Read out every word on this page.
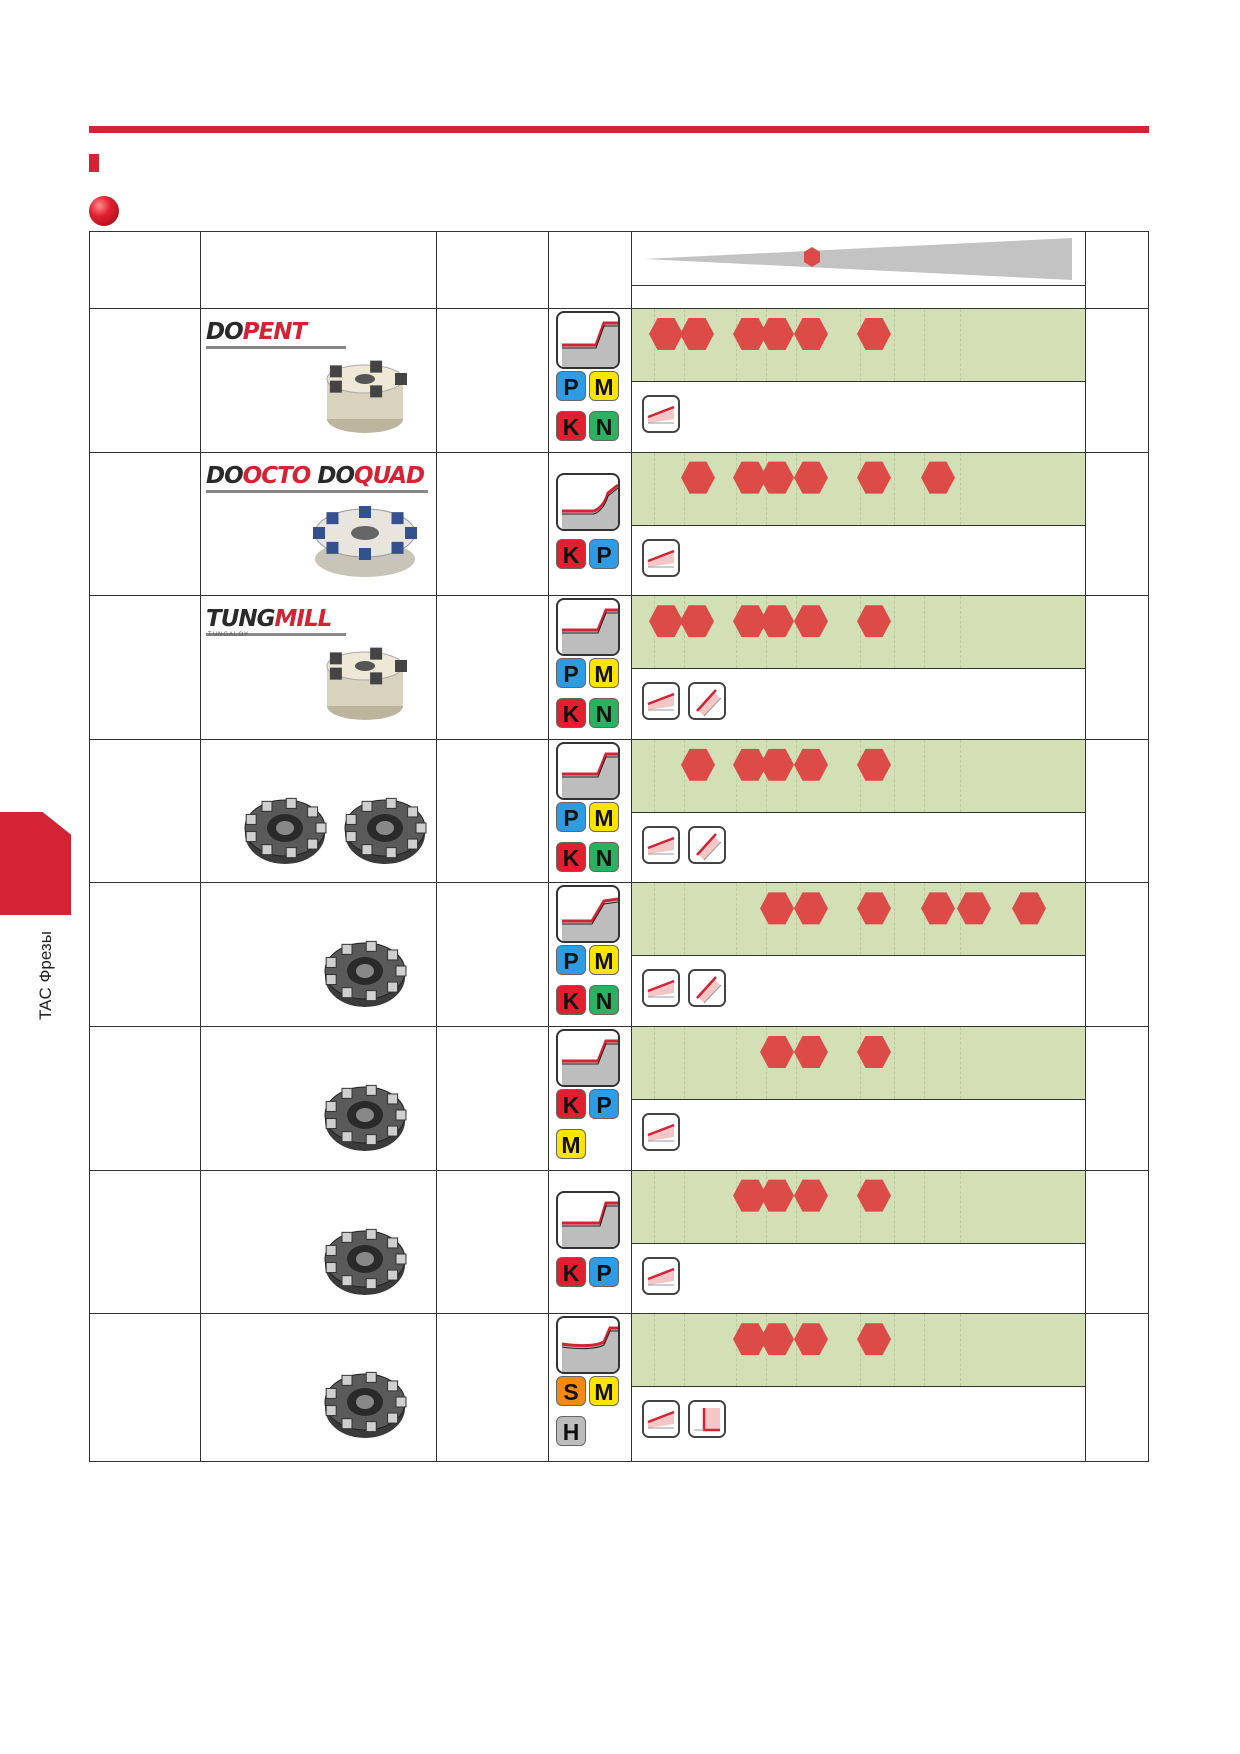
TAC Фрезы
DOPENT
P M
K N
DOOCTO DOQUAD
K P
TUNGMILL
TUNGALOY
P M
K N
P M
K N
P M
K N
K P
M
K P
S M
H
